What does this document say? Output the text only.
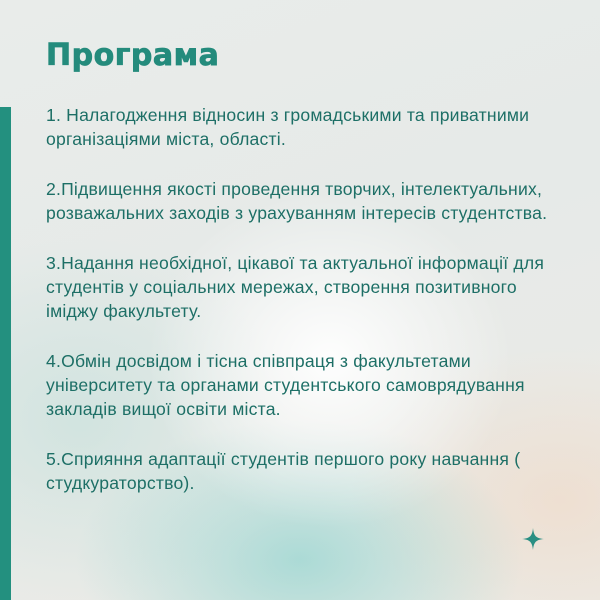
Програма
1. Налагодження відносин з громадськими та приватними організаціями міста, області.
2.Підвищення якості проведення творчих, інтелектуальних, розважальних заходів з урахуванням інтересів студентства.
3.Надання необхідної, цікавої та актуальної інформації для студентів у соціальних мережах, створення позитивного іміджу факультету.
4.Обмін досвідом і тісна співпраця з факультетами університету та органами студентського самоврядування закладів вищої освіти міста.
5.Сприяння адаптації студентів першого року навчання ( студкураторство).
